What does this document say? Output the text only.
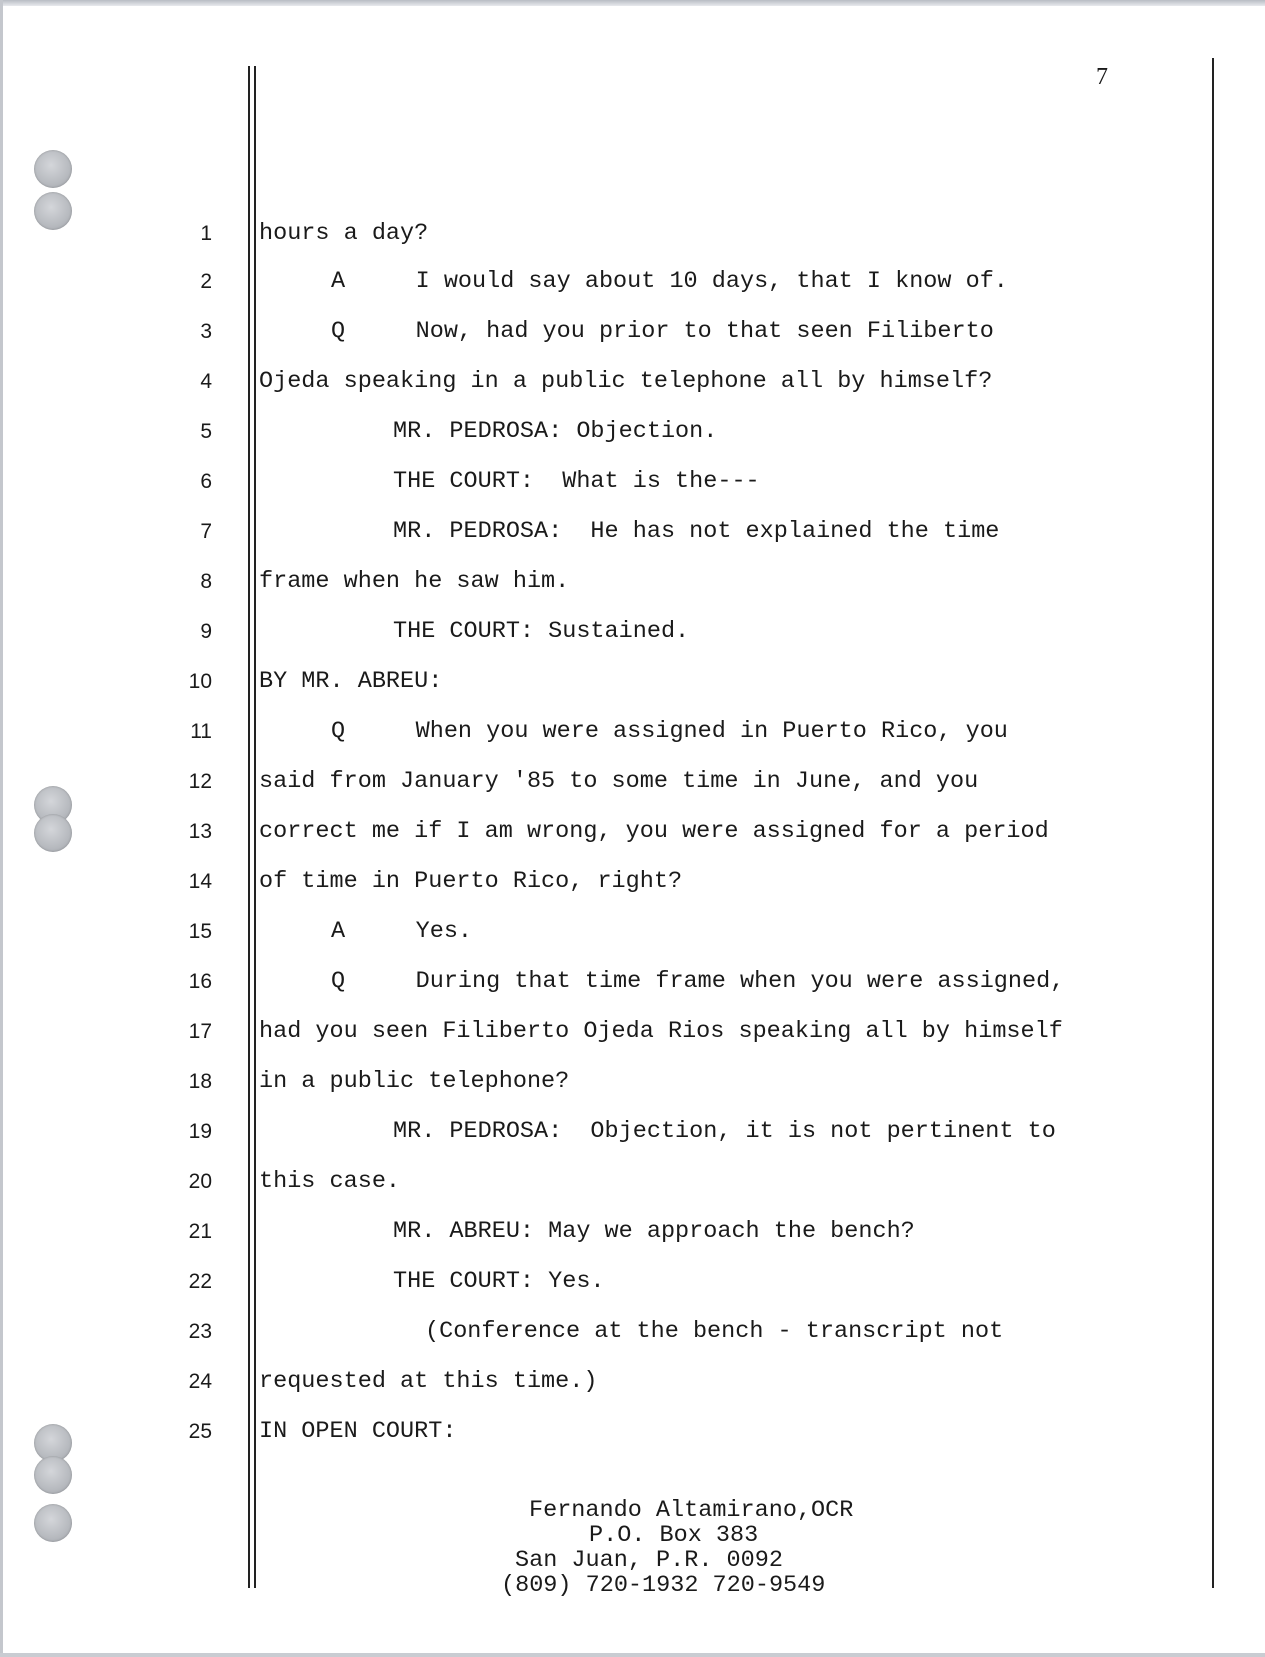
7
1 hours a day?
2	A     I would say about 10 days, that I know of.
3	Q     Now, had you prior to that seen Filiberto
4 Ojeda speaking in a public telephone all by himself?
5	MR. PEDROSA: Objection.
6	THE COURT:  What is the---
7	MR. PEDROSA:  He has not explained the time
8 frame when he saw him.
9	THE COURT: Sustained.
10 BY MR. ABREU:
11	Q     When you were assigned in Puerto Rico, you
12 said from January '85 to some time in June, and you
13 correct me if I am wrong, you were assigned for a period
14 of time in Puerto Rico, right?
15	A     Yes.
16	Q     During that time frame when you were assigned,
17 had you seen Filiberto Ojeda Rios speaking all by himself
18 in a public telephone?
19	MR. PEDROSA:  Objection, it is not pertinent to
20 this case.
21	MR. ABREU: May we approach the bench?
22	THE COURT: Yes.
23	(Conference at the bench - transcript not
24 requested at this time.)
25 IN OPEN COURT:
Fernando Altamirano,OCR
P.O. Box 383
San Juan, P.R. 0092
(809) 720-1932 720-9549
